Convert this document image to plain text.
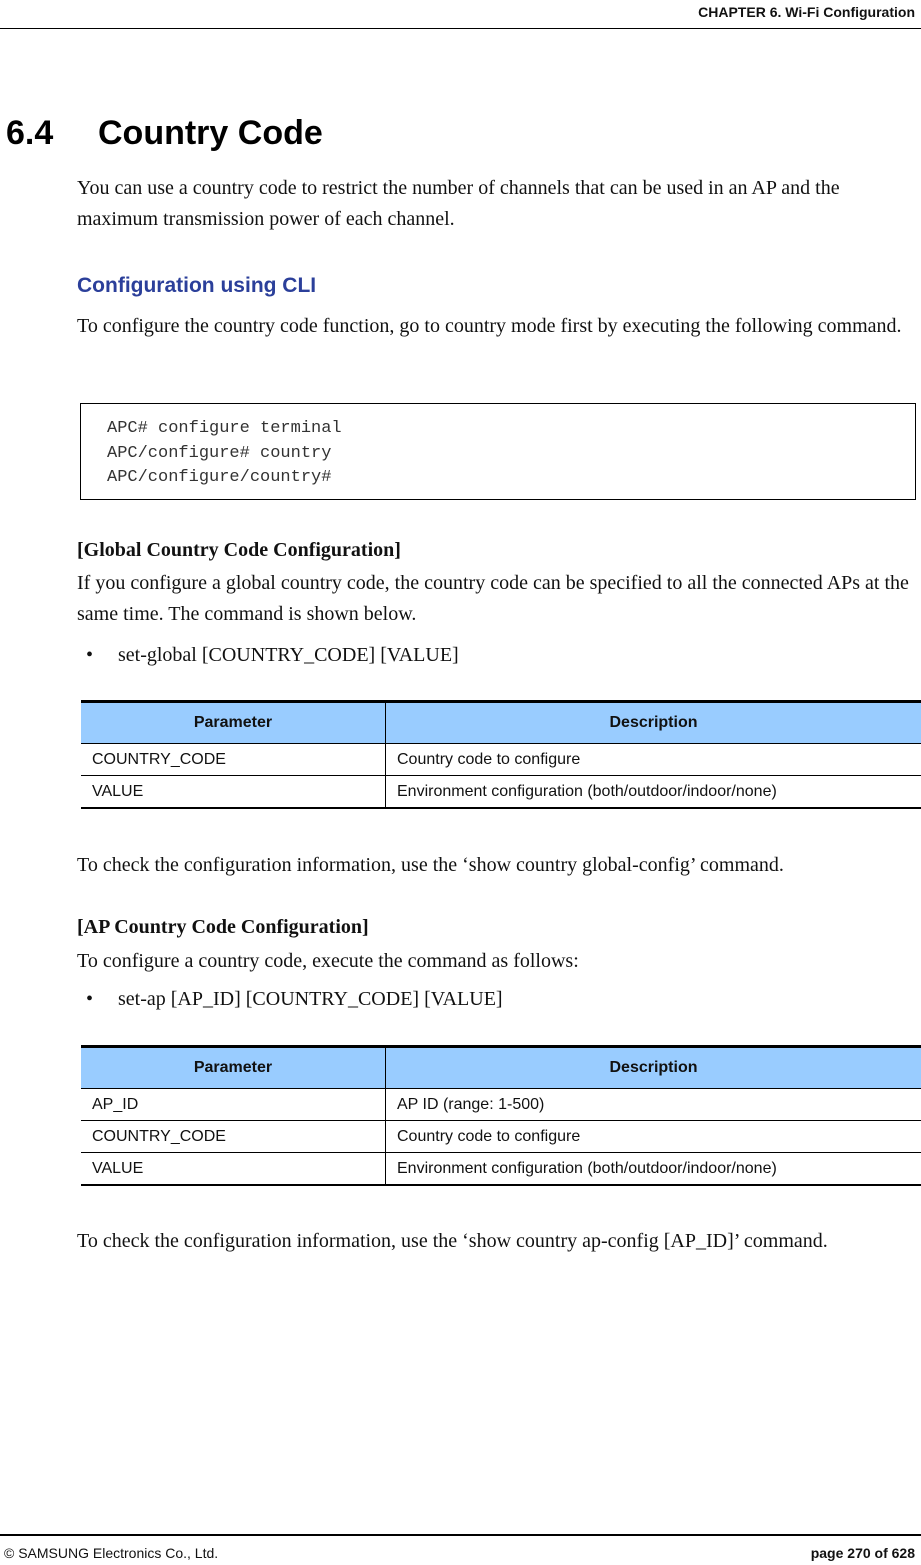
CHAPTER 6. Wi-Fi Configuration
6.4 Country Code

You can use a country code to restrict the number of channels that can be used in an AP and the maximum transmission power of each channel.

Configuration using CLI

To configure the country code function, go to country mode first by executing the following command.

APC# configure terminal
APC/configure# country
APC/configure/country#
[Global Country Code Configuration]

If you configure a global country code, the country code can be specified to all the connected APs at the same time. The command is shown below.

•	set-global [COUNTRY_CODE] [VALUE]
Parameter	Description
COUNTRY_CODE	Country code to configure
VALUE	Environment configuration (both/outdoor/indoor/none)

To check the configuration information, use the ‘show country global-config’ command.

[AP Country Code Configuration]

To configure a country code, execute the command as follows:

•	set-ap [AP_ID] [COUNTRY_CODE] [VALUE]
Parameter	Description
AP_ID	AP ID (range: 1-500)
COUNTRY_CODE	Country code to configure
VALUE	Environment configuration (both/outdoor/indoor/none)

To check the configuration information, use the ‘show country ap-config [AP_ID]’ command.

© SAMSUNG Electronics Co., Ltd.	page 270 of 628
